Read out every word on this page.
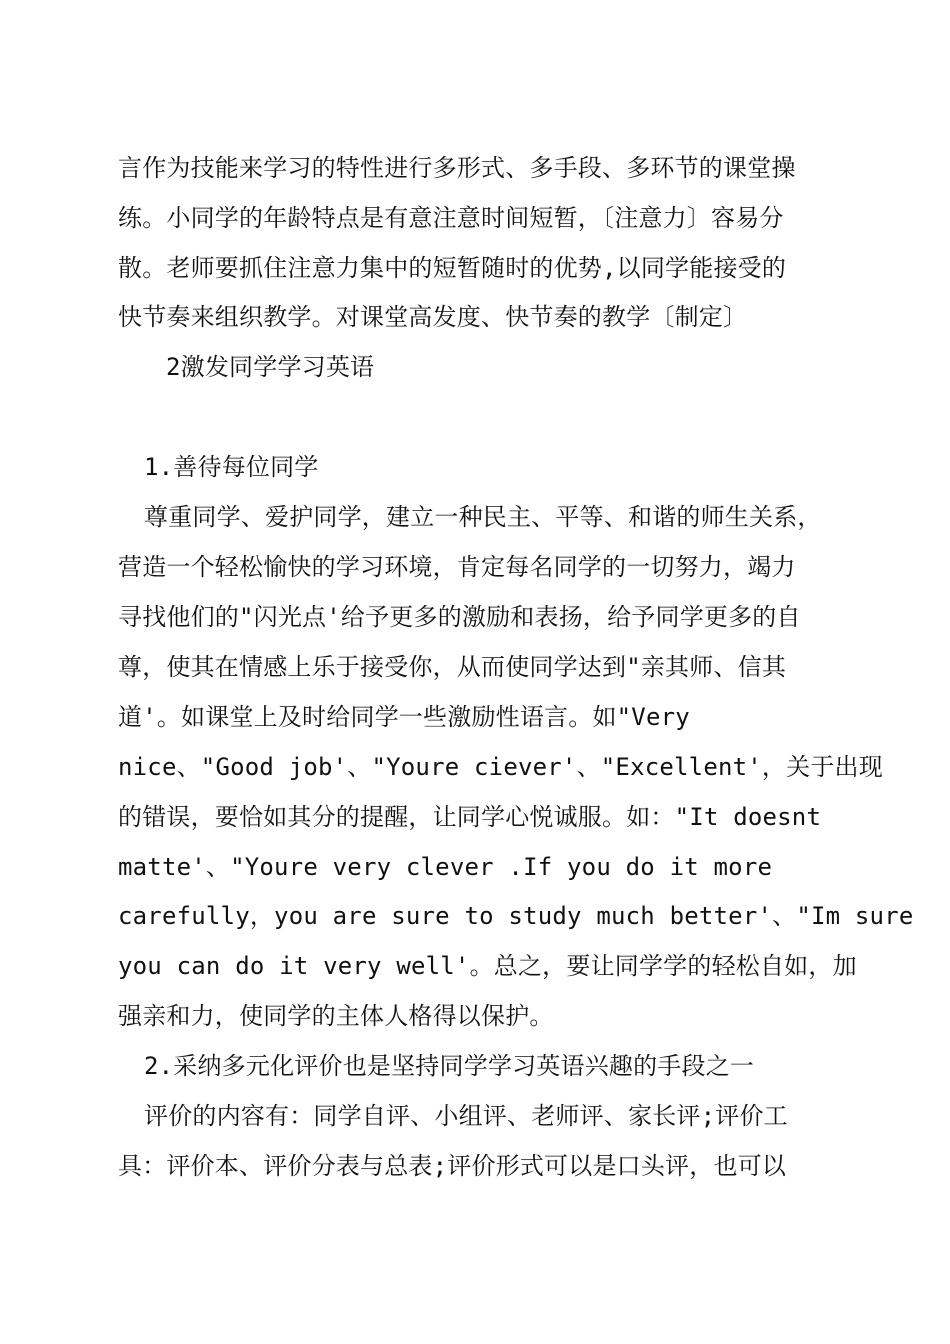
言作为技能来学习的特性进行多形式、多手段、多环节的课堂操
练。小同学的年龄特点是有意注意时间短暂，〔注意力〕容易分
散。老师要抓住注意力集中的短暂随时的优势,以同学能接受的
快节奏来组织教学。对课堂高发度、快节奏的教学〔制定〕
2激发同学学习英语
1.善待每位同学
尊重同学、爱护同学，建立一种民主、平等、和谐的师生关系，
营造一个轻松愉快的学习环境，肯定每名同学的一切努力，竭力
寻找他们的"闪光点'给予更多的激励和表扬，给予同学更多的自
尊，使其在情感上乐于接受你，从而使同学达到"亲其师、信其
道'。如课堂上及时给同学一些激励性语言。如"Very
nice、"Good job'、"Youre ciever'、"Excellent'，关于出现
的错误，要恰如其分的提醒，让同学心悦诚服。如："It doesnt
matte'、"Youre very clever .If you do it more
carefully，you are sure to study much better'、"Im sure
you can do it very well'。总之，要让同学学的轻松自如，加
强亲和力，使同学的主体人格得以保护。
2.采纳多元化评价也是坚持同学学习英语兴趣的手段之一
评价的内容有：同学自评、小组评、老师评、家长评;评价工
具：评价本、评价分表与总表;评价形式可以是口头评，也可以
